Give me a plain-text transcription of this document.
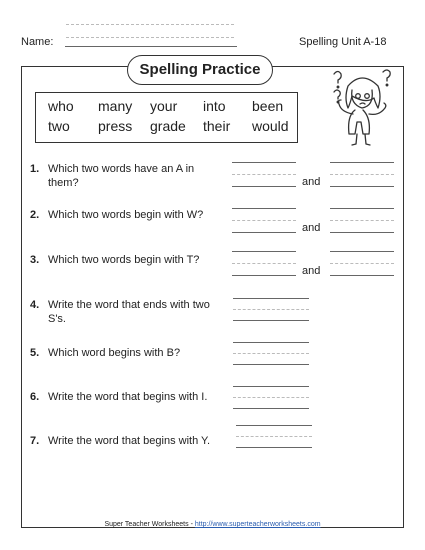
Name:	Spelling Unit A-18
Spelling Practice
who many your into been
two press grade their would
1. Which two words have an A in them?	and
2. Which two words begin with W?
and
3. Which two words begin with T?
and
4. Write the word that ends with two S's.
5. Which word begins with B?
6. Write the word that begins with I.
7. Write the word that begins with Y.
Super Teacher Worksheets - http://www.superteacherworksheets.com
